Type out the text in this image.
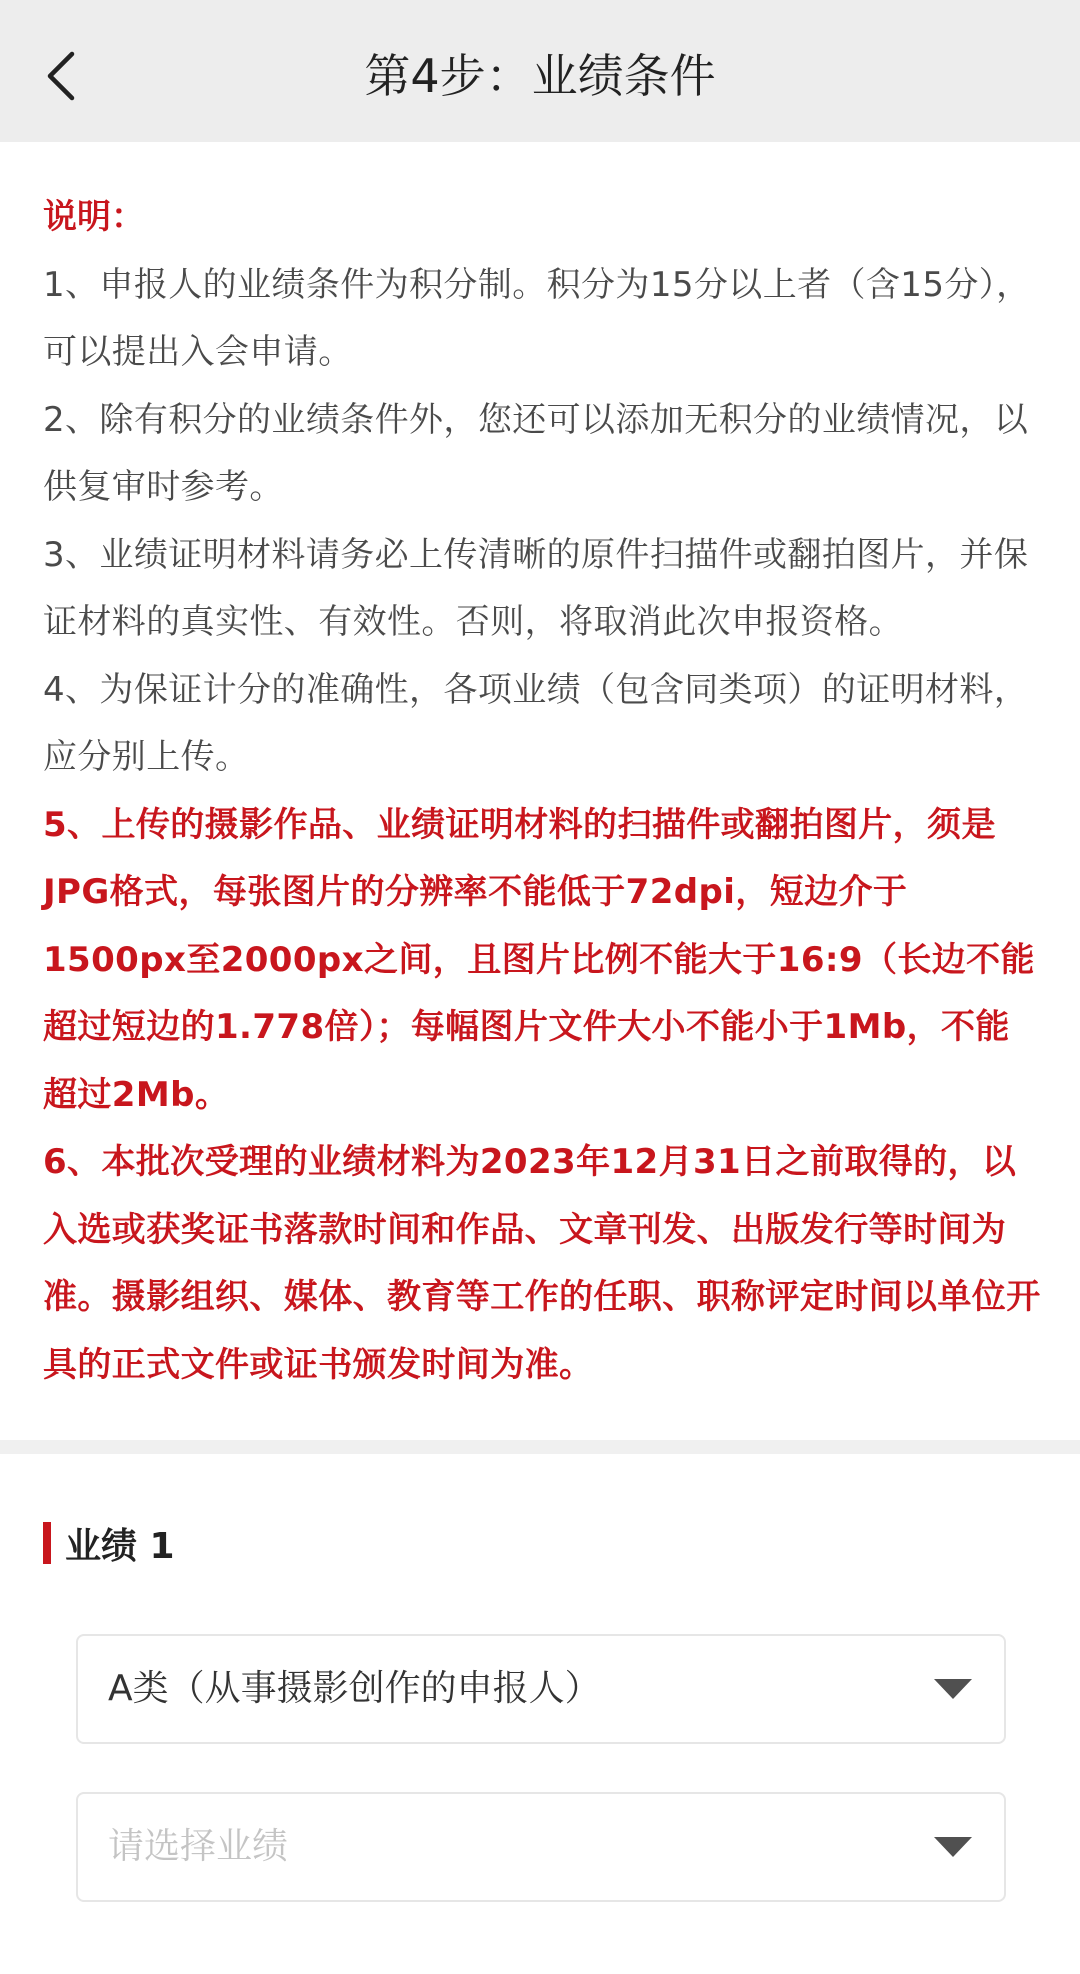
第4步：业绩条件
说明：

1、申报人的业绩条件为积分制。积分为15分以上者（含15分），可以提出入会申请。

2、除有积分的业绩条件外，您还可以添加无积分的业绩情况，以供复审时参考。

3、业绩证明材料请务必上传清晰的原件扫描件或翻拍图片，并保证材料的真实性、有效性。否则，将取消此次申报资格。

4、为保证计分的准确性，各项业绩（包含同类项）的证明材料，应分别上传。

5、上传的摄影作品、业绩证明材料的扫描件或翻拍图片，须是JPG格式，每张图片的分辨率不能低于72dpi，短边介于1500px至2000px之间，且图片比例不能大于16:9（长边不能超过短边的1.778倍）；每幅图片文件大小不能小于1Mb，不能超过2Mb。

6、本批次受理的业绩材料为2023年12月31日之前取得的，以入选或获奖证书落款时间和作品、文章刊发、出版发行等时间为准。摄影组织、媒体、教育等工作的任职、职称评定时间以单位开具的正式文件或证书颁发时间为准。

业绩 1
A类（从事摄影创作的申报人）
请选择业绩
